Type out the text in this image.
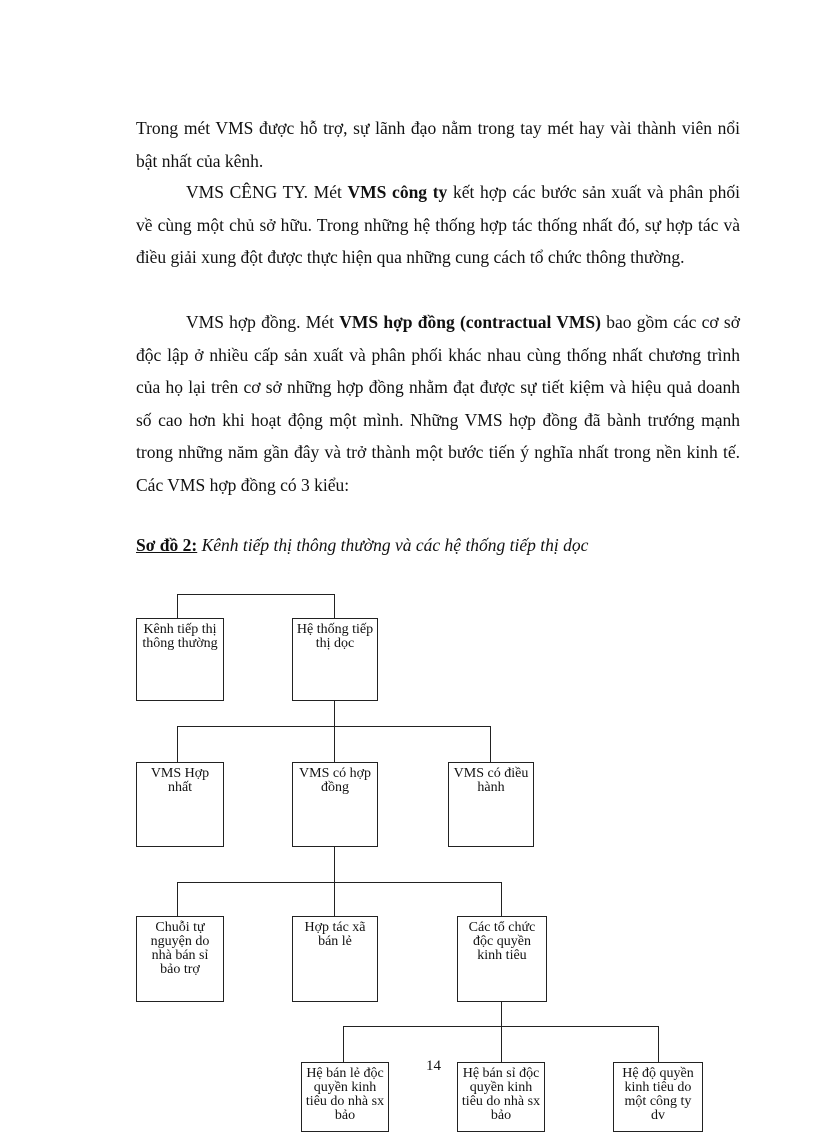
Trong mét VMS được hỗ trợ, sự lãnh đạo nằm trong tay mét hay vài thành viên nổi bật nhất của kênh.

VMS CÊNG TY. Mét VMS công ty kết hợp các bước sản xuất và phân phối về cùng một chủ sở hữu. Trong những hệ thống hợp tác thống nhất đó, sự hợp tác và điều giải xung đột được thực hiện qua những cung cách tổ chức thông thường.

VMS hợp đồng. Mét VMS hợp đồng (contractual VMS) bao gồm các cơ sở độc lập ở nhiều cấp sản xuất và phân phối khác nhau cùng thống nhất chương trình của họ lại trên cơ sở những hợp đồng nhằm đạt được sự tiết kiệm và hiệu quả doanh số cao hơn khi hoạt động một mình. Những VMS hợp đồng đã bành trướng mạnh trong những năm gần đây và trở thành một bước tiến ý nghĩa nhất trong nền kinh tế. Các VMS hợp đồng có 3 kiểu:

Sơ đồ 2: Kênh tiếp thị thông thường và các hệ thống tiếp thị dọc
Kênh tiếp thị thông thường
Hệ thống tiếp thị dọc
VMS Hợp nhất
VMS có hợp đồng
VMS có điều hành
Chuỗi tự nguyện do nhà bán sỉ bảo trợ
Hợp tác xã bán lẻ
Các tổ chức độc quyền kinh tiêu
Hệ bán lẻ độc quyền kinh tiêu do nhà sx bảo
Hệ bán sỉ độc quyền kinh tiêu do nhà sx bảo
Hệ độ quyền kinh tiêu do một công ty dv
14
